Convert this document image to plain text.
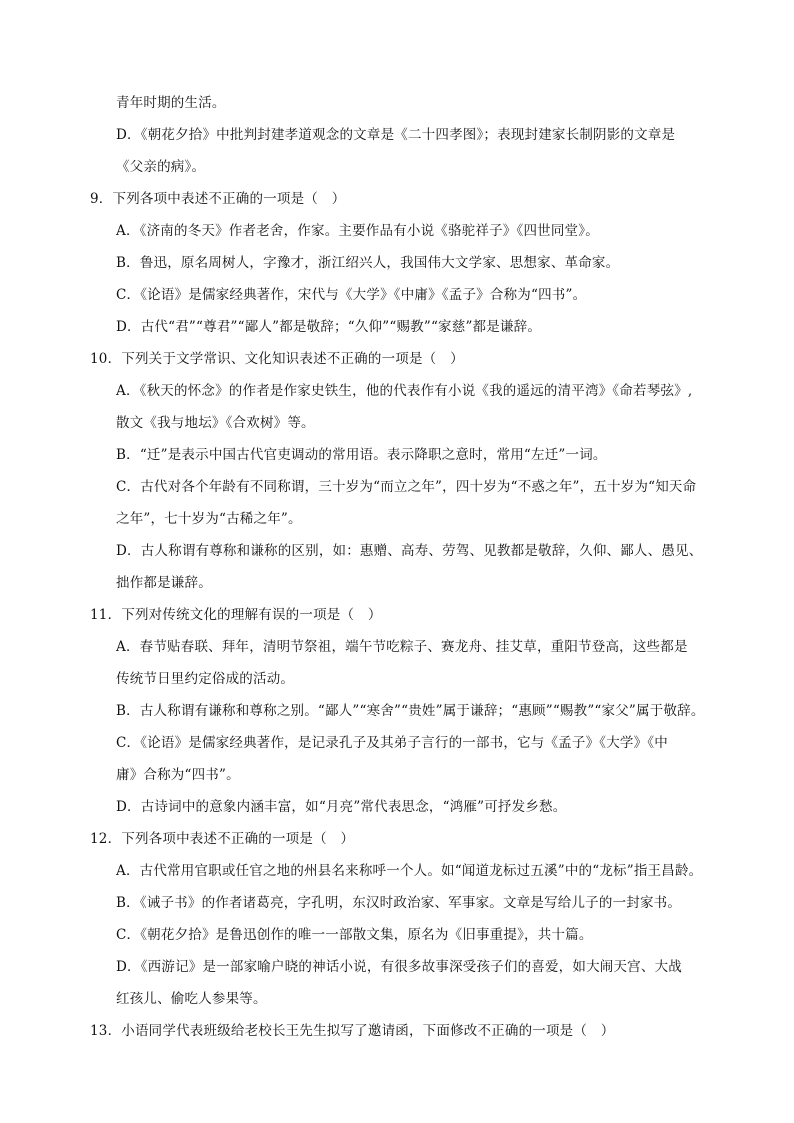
青年时期的生活。
D．《朝花夕拾》中批判封建孝道观念的文章是《二十四孝图》；表现封建家长制阴影的文章是
《父亲的病》。
9．下列各项中表述不正确的一项是（　）
A．《济南的冬天》作者老舍，作家。主要作品有小说《骆驼祥子》《四世同堂》。
B．鲁迅，原名周树人，字豫才，浙江绍兴人，我国伟大文学家、思想家、革命家。
C．《论语》是儒家经典著作，宋代与《大学》《中庸》《孟子》合称为“四书”。
D．古代“君”“尊君”“鄙人”都是敬辞；“久仰”“赐教”“家慈”都是谦辞。
10．下列关于文学常识、文化知识表述不正确的一项是（　）
A．《秋天的怀念》的作者是作家史铁生，他的代表作有小说《我的遥远的清平湾》《命若琴弦》,
散文《我与地坛》《合欢树》等。
B．“迁”是表示中国古代官吏调动的常用语。表示降职之意时，常用“左迁”一词。
C．古代对各个年龄有不同称谓，三十岁为“而立之年”，四十岁为“不惑之年”，五十岁为“知天命
之年”，七十岁为“古稀之年”。
D．古人称谓有尊称和谦称的区别，如：惠赠、高寿、劳驾、见教都是敬辞，久仰、鄙人、愚见、
拙作都是谦辞。
11．下列对传统文化的理解有误的一项是（　）
A．春节贴春联、拜年，清明节祭祖，端午节吃粽子、赛龙舟、挂艾草，重阳节登高，这些都是
传统节日里约定俗成的活动。
B．古人称谓有谦称和尊称之别。“鄙人”“寒舍”“贵姓”属于谦辞；“惠顾”“赐教”“家父”属于敬辞。
C．《论语》是儒家经典著作，是记录孔子及其弟子言行的一部书，它与《孟子》《大学》《中
庸》合称为“四书”。
D．古诗词中的意象内涵丰富，如“月亮”常代表思念，“鸿雁”可抒发乡愁。
12．下列各项中表述不正确的一项是（　）
A．古代常用官职或任官之地的州县名来称呼一个人。如“闻道龙标过五溪”中的“龙标”指王昌龄。
B．《诫子书》的作者诸葛亮，字孔明，东汉时政治家、军事家。文章是写给儿子的一封家书。
C．《朝花夕拾》是鲁迅创作的唯一一部散文集，原名为《旧事重提》，共十篇。
D．《西游记》是一部家喻户晓的神话小说，有很多故事深受孩子们的喜爱，如大闹天宫、大战
红孩儿、偷吃人参果等。
13．小语同学代表班级给老校长王先生拟写了邀请函，下面修改不正确的一项是（　）
